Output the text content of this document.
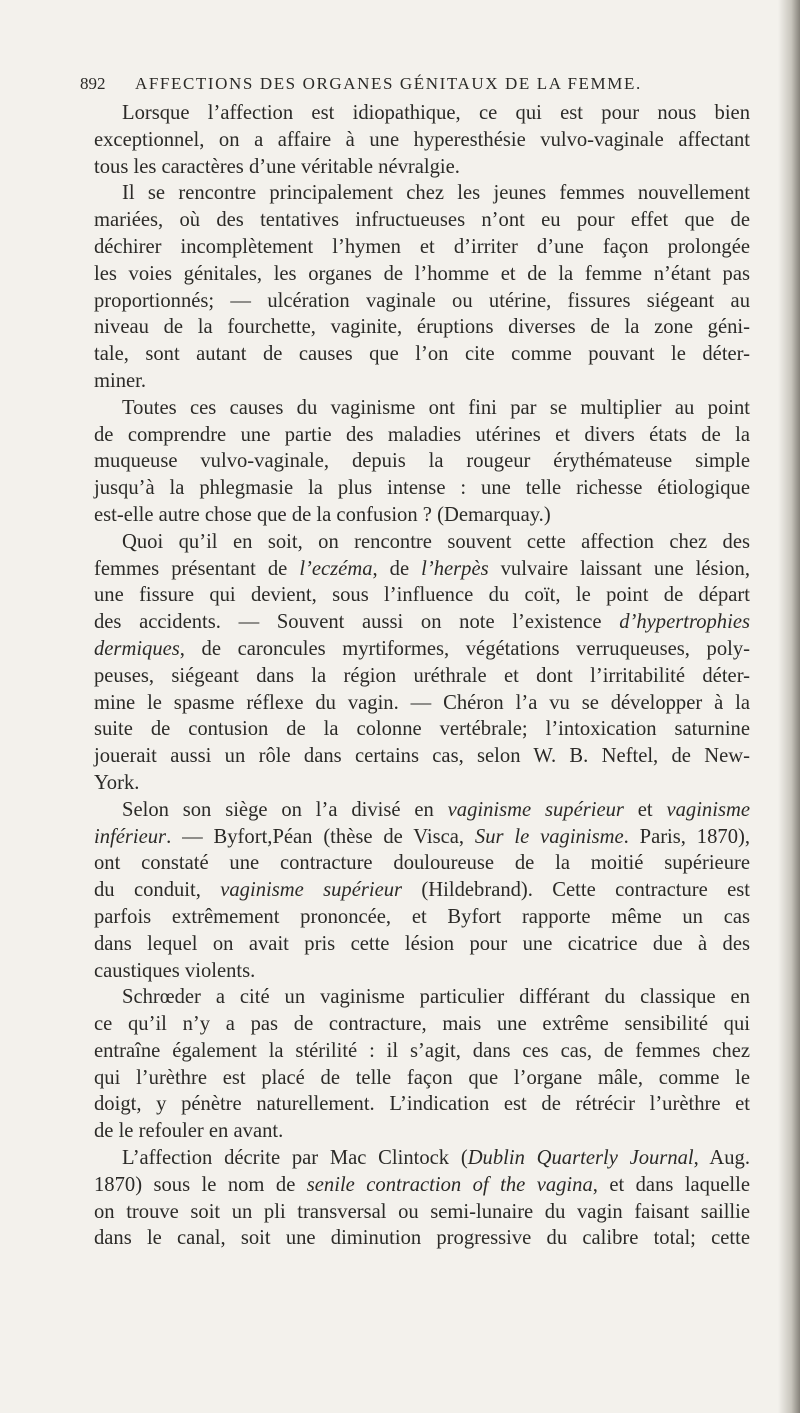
892	AFFECTIONS DES ORGANES GÉNITAUX DE LA FEMME.

Lorsque l’affection est idiopathique, ce qui est pour nous bien
exceptionnel, on a affaire à une hyperesthésie vulvo-vaginale affectant
tous les caractères d’une véritable névralgie.

Il se rencontre principalement chez les jeunes femmes nouvellement
mariées, où des tentatives infructueuses n’ont eu pour effet que de
déchirer incomplètement l’hymen et d’irriter d’une façon prolongée
les voies génitales, les organes de l’homme et de la femme n’étant pas
proportionnés; — ulcération vaginale ou utérine, fissures siégeant au
niveau de la fourchette, vaginite, éruptions diverses de la zone géni-
tale, sont autant de causes que l’on cite comme pouvant le déter-
miner.

Toutes ces causes du vaginisme ont fini par se multiplier au point
de comprendre une partie des maladies utérines et divers états de la
muqueuse vulvo-vaginale, depuis la rougeur érythémateuse simple
jusqu’à la phlegmasie la plus intense : une telle richesse étiologique
est-elle autre chose que de la confusion ? (Demarquay.)

Quoi qu’il en soit, on rencontre souvent cette affection chez des
femmes présentant de l’eczéma, de l’herpès vulvaire laissant une lésion,
une fissure qui devient, sous l’influence du coït, le point de départ
des accidents. — Souvent aussi on note l’existence d’hypertrophies
dermiques, de caroncules myrtiformes, végétations verruqueuses, poly-
peuses, siégeant dans la région uréthrale et dont l’irritabilité déter-
mine le spasme réflexe du vagin. — Chéron l’a vu se développer à la
suite de contusion de la colonne vertébrale; l’intoxication saturnine
jouerait aussi un rôle dans certains cas, selon W. B. Neftel, de New-
York.

Selon son siège on l’a divisé en vaginisme supérieur et vaginisme
inférieur. — Byfort,Péan (thèse de Visca, Sur le vaginisme. Paris, 1870),
ont constaté une contracture douloureuse de la moitié supérieure
du conduit, vaginisme supérieur (Hildebrand). Cette contracture est
parfois extrêmement prononcée, et Byfort rapporte même un cas
dans lequel on avait pris cette lésion pour une cicatrice due à des
caustiques violents.

Schrœder a cité un vaginisme particulier différant du classique en
ce qu’il n’y a pas de contracture, mais une extrême sensibilité qui
entraîne également la stérilité : il s’agit, dans ces cas, de femmes chez
qui l’urèthre est placé de telle façon que l’organe mâle, comme le
doigt, y pénètre naturellement. L’indication est de rétrécir l’urèthre et
de le refouler en avant.

L’affection décrite par Mac Clintock (Dublin Quarterly Journal, Aug.
1870) sous le nom de senile contraction of the vagina, et dans laquelle
on trouve soit un pli transversal ou semi-lunaire du vagin faisant saillie
dans le canal, soit une diminution progressive du calibre total; cette
